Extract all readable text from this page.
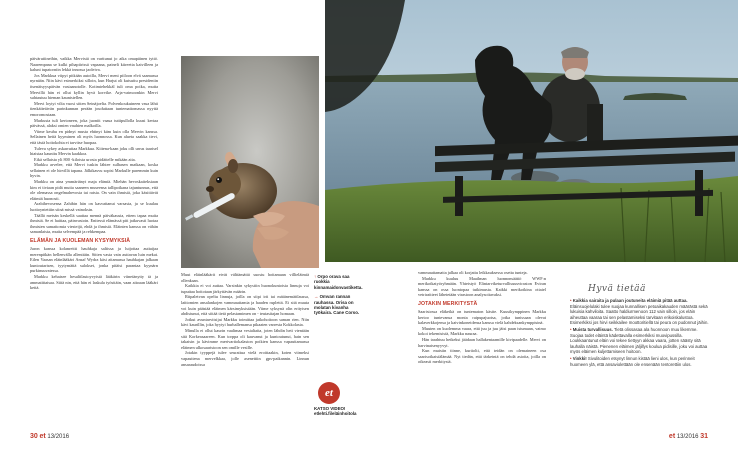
päivärutiineihin, vaikka Mervistä on varttunut jo aika omapäinen tyttö. Naarempana se kulki pihapiirissä vapaana, paineli kiireetta kaivilleen ja kaluni tupatorniin lekkä innossa jaoleiva.

Jos Markkua viipyi pitkään autoilla, Mervi meni piiloon elvä saamassa nyrnään. Niin kävi esimerkiksi silloin, kun Harjut oli kutsuttu presidentin itsenäisyyspäivän vastaanotolle. Kotimiehekkäl tuli oma poika, mutta Mervillä hän ei ollut kyllin hyvä korvike. Arja-vaimoonkin Mervi suhtautuu hieman kaunistellen.

Mervi loytyi vilta vuosi sitten Seinäjoelta. Polvenkoukuineen vasa lähti tienkäiteiävän parinkunnan perään jouduttaan tuntemattomassa nyyttä emoromostaan.

Markusta tuli kertoneen, joka juoniit vaasa tuttipullolla kuusi kertaa päivässä, alaksi omien vauhien malkoilla.

Viime keuhu en pidnyt musta ehtinyt käm kuin olla Mervin kanssa. Sellainen heitä kyyminen oli myös luonnossa. Kun alueta saakka tievi, että tästä hoitokohta ei tarvitse huopaa.

Tuleva sykey askarruttaa Markkua. Kiitena-kaan joku olli urrus taarisel hiaistaa kaunitu Mervin kaakkoa.

Eikä sellaista yli 800 -kiloista urosta pidättelle mikään aita.

Markku arvelee, että Mervi tuskin lähtee sulhasen matkaan, koska sellainen ei ole hirvillä tapana. Jälkikasvu sopisi Markulle paremmin kuin hyvin.

Markku on aina ymmärtänyt maja elämiä. Miehän hevoskaiteksiaan kim ei tiviaan pidä mutta saaneen museensa tallipoikana tajuntunnus, että ole olemassa ongelmahevosia tai ratsia. On vain ihmisiä, joka käsittävät eläimiä huonosti.

Arabihevosensa Zahibin hän on kasvattanut varsasta, ja se kuulau luottoyntettiin siinä missä vainoksin.

Täällä metsän keskellä saattaa mennä päiväkausia, ettem tapaa muita ihmisiä. Se ei haittaa, päinvastoin. Enitessä elämässä piti jatkuvasti luotaa ihmisten samattomia viesteijä, ehdä ja ihmisiä. Eläinten kanssa on vähän samanlaista, mutta selvempää ja rehkempaa.

ELÄMÄN JA KUOLEMAN KYSYMYKSIÄ

Juron kanssa kolanreitti hauhkaja saltissa ja luijottaa auttaijaa merenpitkän hellenvälla allenttäin. Sitten vasta vain auttavan luin mekat. Eilen Vaasan eläinlääkäri Ansaf Wydra käsi aitamassa hauhkajan jalkaan kuntoutarisen, tyytymättä sulokset, jonka pitäisi parantaa kyynärn purkinuuvatessa.

Markku kehaisee hesalitlastoyvyistä lääkärin viinetänytty tä ja ammatittaisaa. Siitä nin, että hän ei laskula työsttäin, vaan aitoaan lääkäri kettä.

↑ Orpo orava saa ruokkia kinnamaidonvastiketta.
→ Omvan rannan rauhassa. Orisa on molatan kivanha työkaira. Cane Corso.

Muut eläinlääkärit eivät välttämättä suostu hoitamaan villieläimiä ollenkaan.

Kaikkia ei voi auttaa. Varsinkin sykystiin huonokuntoisia linnuja voi tuputtaa hoitotaan järkyttävän määrin.

Ritpaletvan opeltu linnuja, joilla on siipi irti tai mätänemättlaussa, laittomien ansalankojen vammauttamia ja haaden ruplettä. Ei sitä muuta voi kuin päästää eläimen kärsimyksistään. Viime syksynä olin erityisen ahdistunut, että siitää tietä pelastamimen on - teutasitajan homaan.

Jotkut avuntarvitsijat Markku toimittaa jatkohoitoon saman rien. Niin kävi kaurillin, joka hyytyi hurhallemansa pikaaten varresta Kokkolasta.

Minulla ei ollut kaurin vaalimaa vesialtaita, joten lähdin heti vientään sitä Korkeasaareen. Kun torppa oli kauvanut ja kuntoutunut, hain sen takaisin ja kävimme merivartiokalaston poikien kanssa vapauttamassa eläimen ulkosaaristoon sen omille vesille.

Jotakin tyyppejä tulee seurattua vielä eroittaakin, koten viimeksi vapauttena mervelkkaa, jolle asenettiin gps-paikannin. Linnun ansaraudoissa

et
KATSO VIDEO! etlehti.fi/eläinhoitola
30 et 13/2016

vammauttamatta jalkaa oli korjattu leikkauksessa osetta tunteja.

Markku kuuluu Maailman luonnonsäätiö WWF:n merikotkatyöryhmään. Yhteistyö Elintarviketurvallisuusviraston Eviran kanssa on ossa luontopaa tutkimusta. Kaikki merikotkina ottaiel vetriraitteet lähetetään virastoon analysoitavaksi.

JOTAKIN MERKITYSTÄ

Saaristossa eläkeikä on tuntematon käsite. Kuusikymppinen Markku kertoo tuntevansa monta raipupajuotsa, jotka tunissaan olevat kalaverkkojensa ja kaivinkoneidensa kanssa vielä kahdeksankymppisinä.

Muuten on kuolemma vaara, että juu ja juu jäisi paan istumaan, vaimo kokoi tekemisistä, Markku nauraa.

Hän tarahtuu hetkeksi jäädaan hallakentaamille kivipaadelle. Mervi on harvinaisenyyvyt.

Kun muistin tiinne, kurtiolti, että teidän on olemaineen osa saarisotkaisiälämää. Nyt tiedän, että tärkeintä on tehdä asioita, joilla on oikeasti merkitystä.

Hyvä tietää
• Kaikkia sairaita ja pulaan joutuneita eläimiä pitää auttaa. Eläinsuojelulaki tulee suojaa kunnallisen petoaikakauden määrästä sekä lukuisia kahviloita. Saatto haldiurmenoon 112 vain silloin, jos eläin aiheuttaa vaaraa tai sen pelastamiseksi tarvitaan erikoiskalustoa. Esimerkiksi jos hirvi seikkailee moottoritiellä tai peura on pudonnut jäihin.
• Muista turvallisuus. Tietä olissasaa ala huonnoon muu likemme. Suojaa todet eläintä kädettavalla esimerkiksi muovipussilla. Loukkaantunut eläin voi tekee tiettyyn akkaa vaara, jotten säästy sitä lauhalla näistä. Pienenen eläimen jäljillys koulua pidisille, joku voi auttaa myös eläimen kuljettamiseen hoitoon.
• Vinkki! Sivulitoiden etsynyt linnun kistää lieni ulos, kun perinneit huomeen ylä, että ansaviolettään ole ensenään tentorettiin ulos.
et 13/2016 31
